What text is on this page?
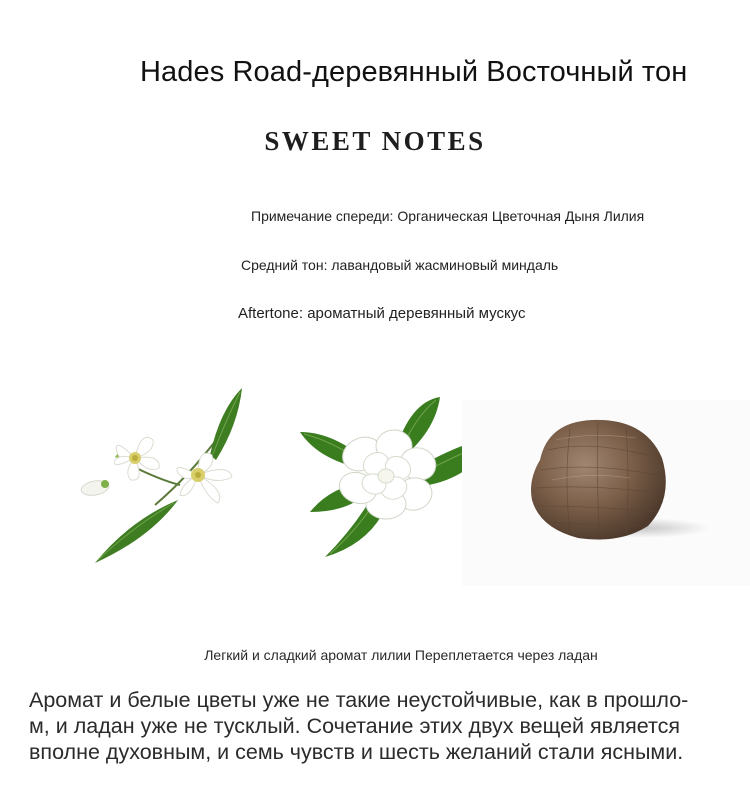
Hades Road-деревянный Восточный тон
SWEET NOTES
Примечание спереди: Органическая Цветочная Дыня Лилия
Средний тон: лавандовый жасминовый миндаль
Aftertone: ароматный деревянный мускус
Легкий и сладкий аромат лилии Переплетается через ладан
Аромат и белые цветы уже не такие неустойчивые, как в прошло-
м, и ладан уже не тусклый. Сочетание этих двух вещей является
вполне духовным, и семь чувств и шесть желаний стали ясными.
